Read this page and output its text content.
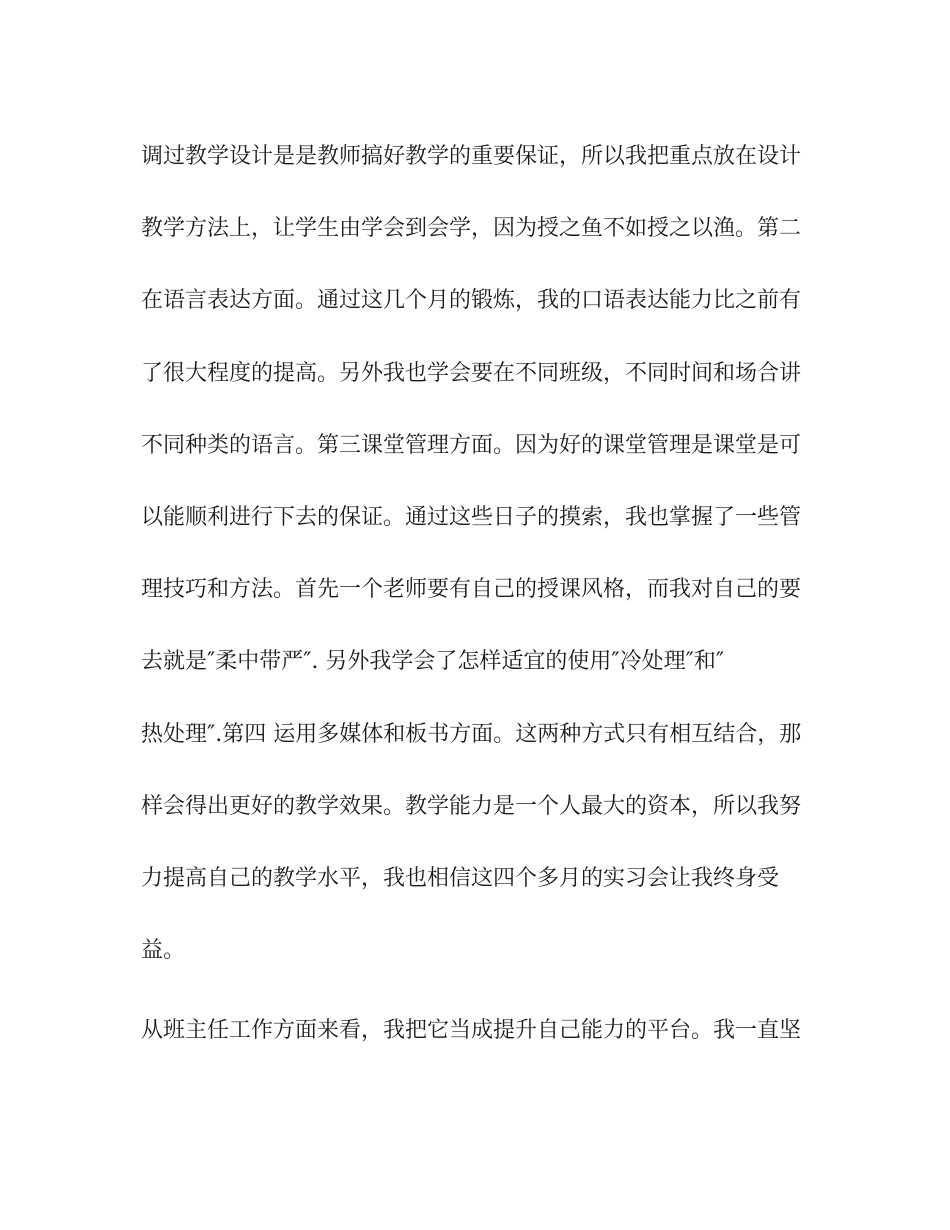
调过教学设计是是教师搞好教学的重要保证，所以我把重点放在设计
教学方法上，让学生由学会到会学，因为授之鱼不如授之以渔。第二
在语言表达方面。通过这几个月的锻炼，我的口语表达能力比之前有
了很大程度的提高。另外我也学会要在不同班级，不同时间和场合讲
不同种类的语言。第三课堂管理方面。因为好的课堂管理是课堂是可
以能顺利进行下去的保证。通过这些日子的摸索，我也掌握了一些管
理技巧和方法。首先一个老师要有自己的授课风格，而我对自己的要
去就是″柔中带严″. 另外我学会了怎样适宜的使用″冷处理″和″
热处理″.第四 运用多媒体和板书方面。这两种方式只有相互结合，那
样会得出更好的教学效果。教学能力是一个人最大的资本，所以我努
力提高自己的教学水平，我也相信这四个多月的实习会让我终身受
益。
从班主任工作方面来看，我把它当成提升自己能力的平台。我一直坚
